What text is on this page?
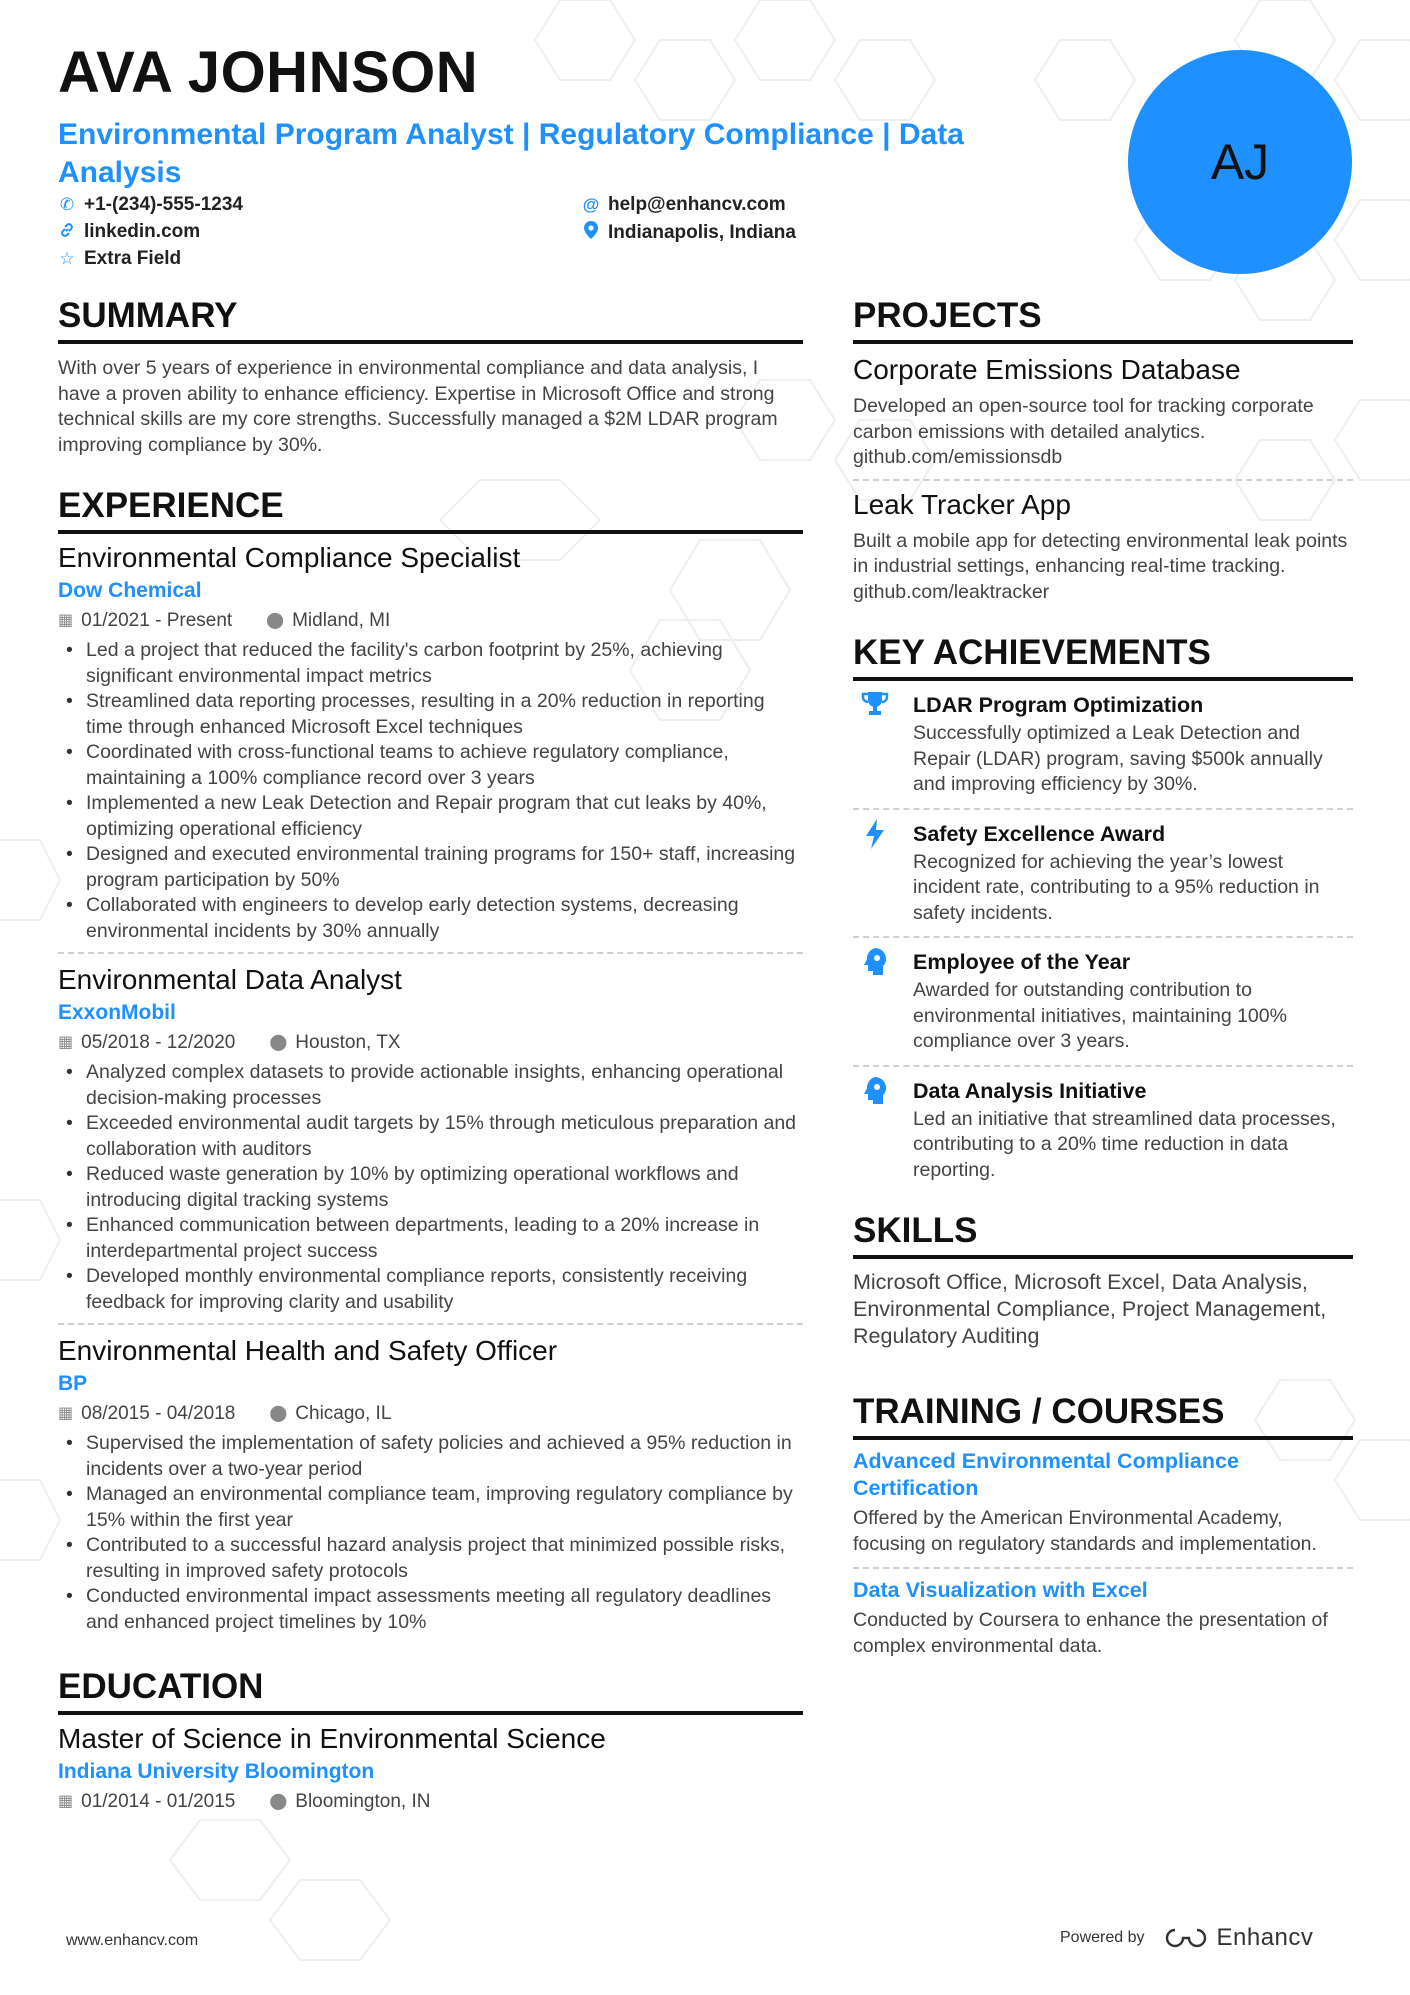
AVA JOHNSON
Environmental Program Analyst | Regulatory Compliance | Data Analysis
✆ +1-(234)-555-1234	@ help@enhancv.com
linkedin.com	Indianapolis, Indiana
☆ Extra Field
AJ
SUMMARY

With over 5 years of experience in environmental compliance and data analysis, I have a proven ability to enhance efficiency. Expertise in Microsoft Office and strong technical skills are my core strengths. Successfully managed a $2M LDAR program improving compliance by 30%.

EXPERIENCE
Environmental Compliance Specialist
Dow Chemical
▦ 01/2021 - Present ⬤ Midland, MI
• Led a project that reduced the facility's carbon footprint by 25%, achieving significant environmental impact metrics
• Streamlined data reporting processes, resulting in a 20% reduction in reporting time through enhanced Microsoft Excel techniques
• Coordinated with cross-functional teams to achieve regulatory compliance, maintaining a 100% compliance record over 3 years
• Implemented a new Leak Detection and Repair program that cut leaks by 40%, optimizing operational efficiency
• Designed and executed environmental training programs for 150+ staff, increasing program participation by 50%
• Collaborated with engineers to develop early detection systems, decreasing environmental incidents by 30% annually
Environmental Data Analyst
ExxonMobil
▦ 05/2018 - 12/2020 ⬤ Houston, TX
• Analyzed complex datasets to provide actionable insights, enhancing operational decision-making processes
• Exceeded environmental audit targets by 15% through meticulous preparation and collaboration with auditors
• Reduced waste generation by 10% by optimizing operational workflows and introducing digital tracking systems
• Enhanced communication between departments, leading to a 20% increase in interdepartmental project success
• Developed monthly environmental compliance reports, consistently receiving feedback for improving clarity and usability
Environmental Health and Safety Officer
BP
▦ 08/2015 - 04/2018 ⬤ Chicago, IL
• Supervised the implementation of safety policies and achieved a 95% reduction in incidents over a two-year period
• Managed an environmental compliance team, improving regulatory compliance by 15% within the first year
• Contributed to a successful hazard analysis project that minimized possible risks, resulting in improved safety protocols
• Conducted environmental impact assessments meeting all regulatory deadlines and enhanced project timelines by 10%
EDUCATION
Master of Science in Environmental Science
Indiana University Bloomington
▦ 01/2014 - 01/2015 ⬤ Bloomington, IN
PROJECTS
Corporate Emissions Database

Developed an open-source tool for tracking corporate carbon emissions with detailed analytics. github.com/emissionsdb

Leak Tracker App

Built a mobile app for detecting environmental leak points in industrial settings, enhancing real-time tracking. github.com/leaktracker

KEY ACHIEVEMENTS
LDAR Program Optimization

Successfully optimized a Leak Detection and Repair (LDAR) program, saving $500k annually and improving efficiency by 30%.

Safety Excellence Award

Recognized for achieving the year’s lowest incident rate, contributing to a 95% reduction in safety incidents.

Employee of the Year

Awarded for outstanding contribution to environmental initiatives, maintaining 100% compliance over 3 years.

Data Analysis Initiative

Led an initiative that streamlined data processes, contributing to a 20% time reduction in data reporting.

SKILLS

Microsoft Office, Microsoft Excel, Data Analysis, Environmental Compliance, Project Management, Regulatory Auditing

TRAINING / COURSES
Advanced Environmental Compliance Certification

Offered by the American Environmental Academy, focusing on regulatory standards and implementation.

Data Visualization with Excel

Conducted by Coursera to enhance the presentation of complex environmental data.

www.enhancv.com	Powered by	Enhancv
